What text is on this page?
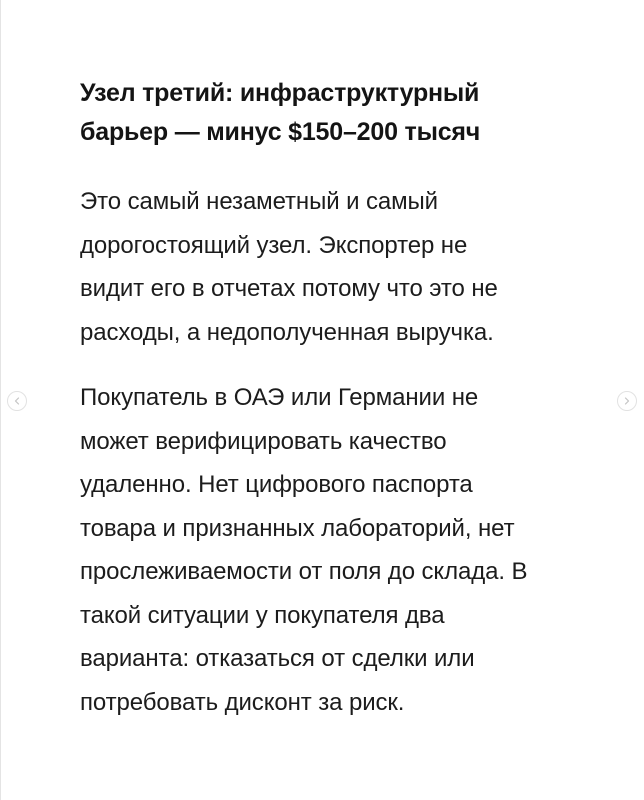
Узел третий: инфраструктурный
барьер — минус $150–200 тысяч

Это самый незаметный и самый
дорогостоящий узел. Экспортер не
видит его в отчетах потому что это не
расходы, а недополученная выручка.

Покупатель в ОАЭ или Германии не
может верифицировать качество
удаленно. Нет цифрового паспорта
товара и признанных лабораторий, нет
прослеживаемости от поля до склада. В
такой ситуации у покупателя два
варианта: отказаться от сделки или
потребовать дисконт за риск.
